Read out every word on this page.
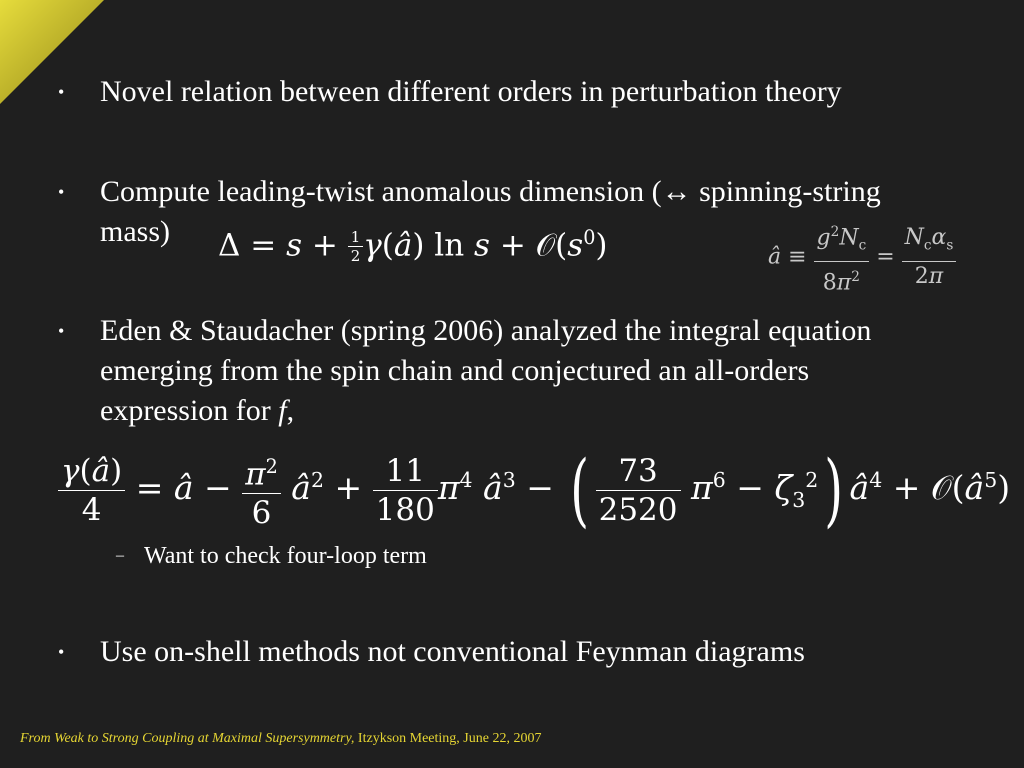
• Novel relation between different orders in perturbation theory
• Compute leading-twist anomalous dimension (↔ spinning-string
mass) $\Delta = s + \frac{1}{2}$ γ(â) $\ln s + 𝒪(s^0)$	â ≡ $\frac{g^2N_c}{8\pi^2} = \frac{N_c\alpha_s}{2\pi}$
• Eden & Staudacher (spring 2006) analyzed the integral equation
emerging from the spin chain and conjectured an all-orders
expression for f,
$\frac{\gamma(â)}{4}$ = â − $\frac{\pi^2}{6}$ $â^2 + \frac{11}{180} \pi^4$ $â^3$ − ( $\frac{73}{2520} \pi^6 - \zeta_3^2$) $â^4$ + $𝒪(â^5)$
– Want to check four-loop term
• Use on-shell methods not conventional Feynman diagrams
From Weak to Strong Coupling at Maximal Supersymmetry, Itzykson Meeting, June 22, 2007
